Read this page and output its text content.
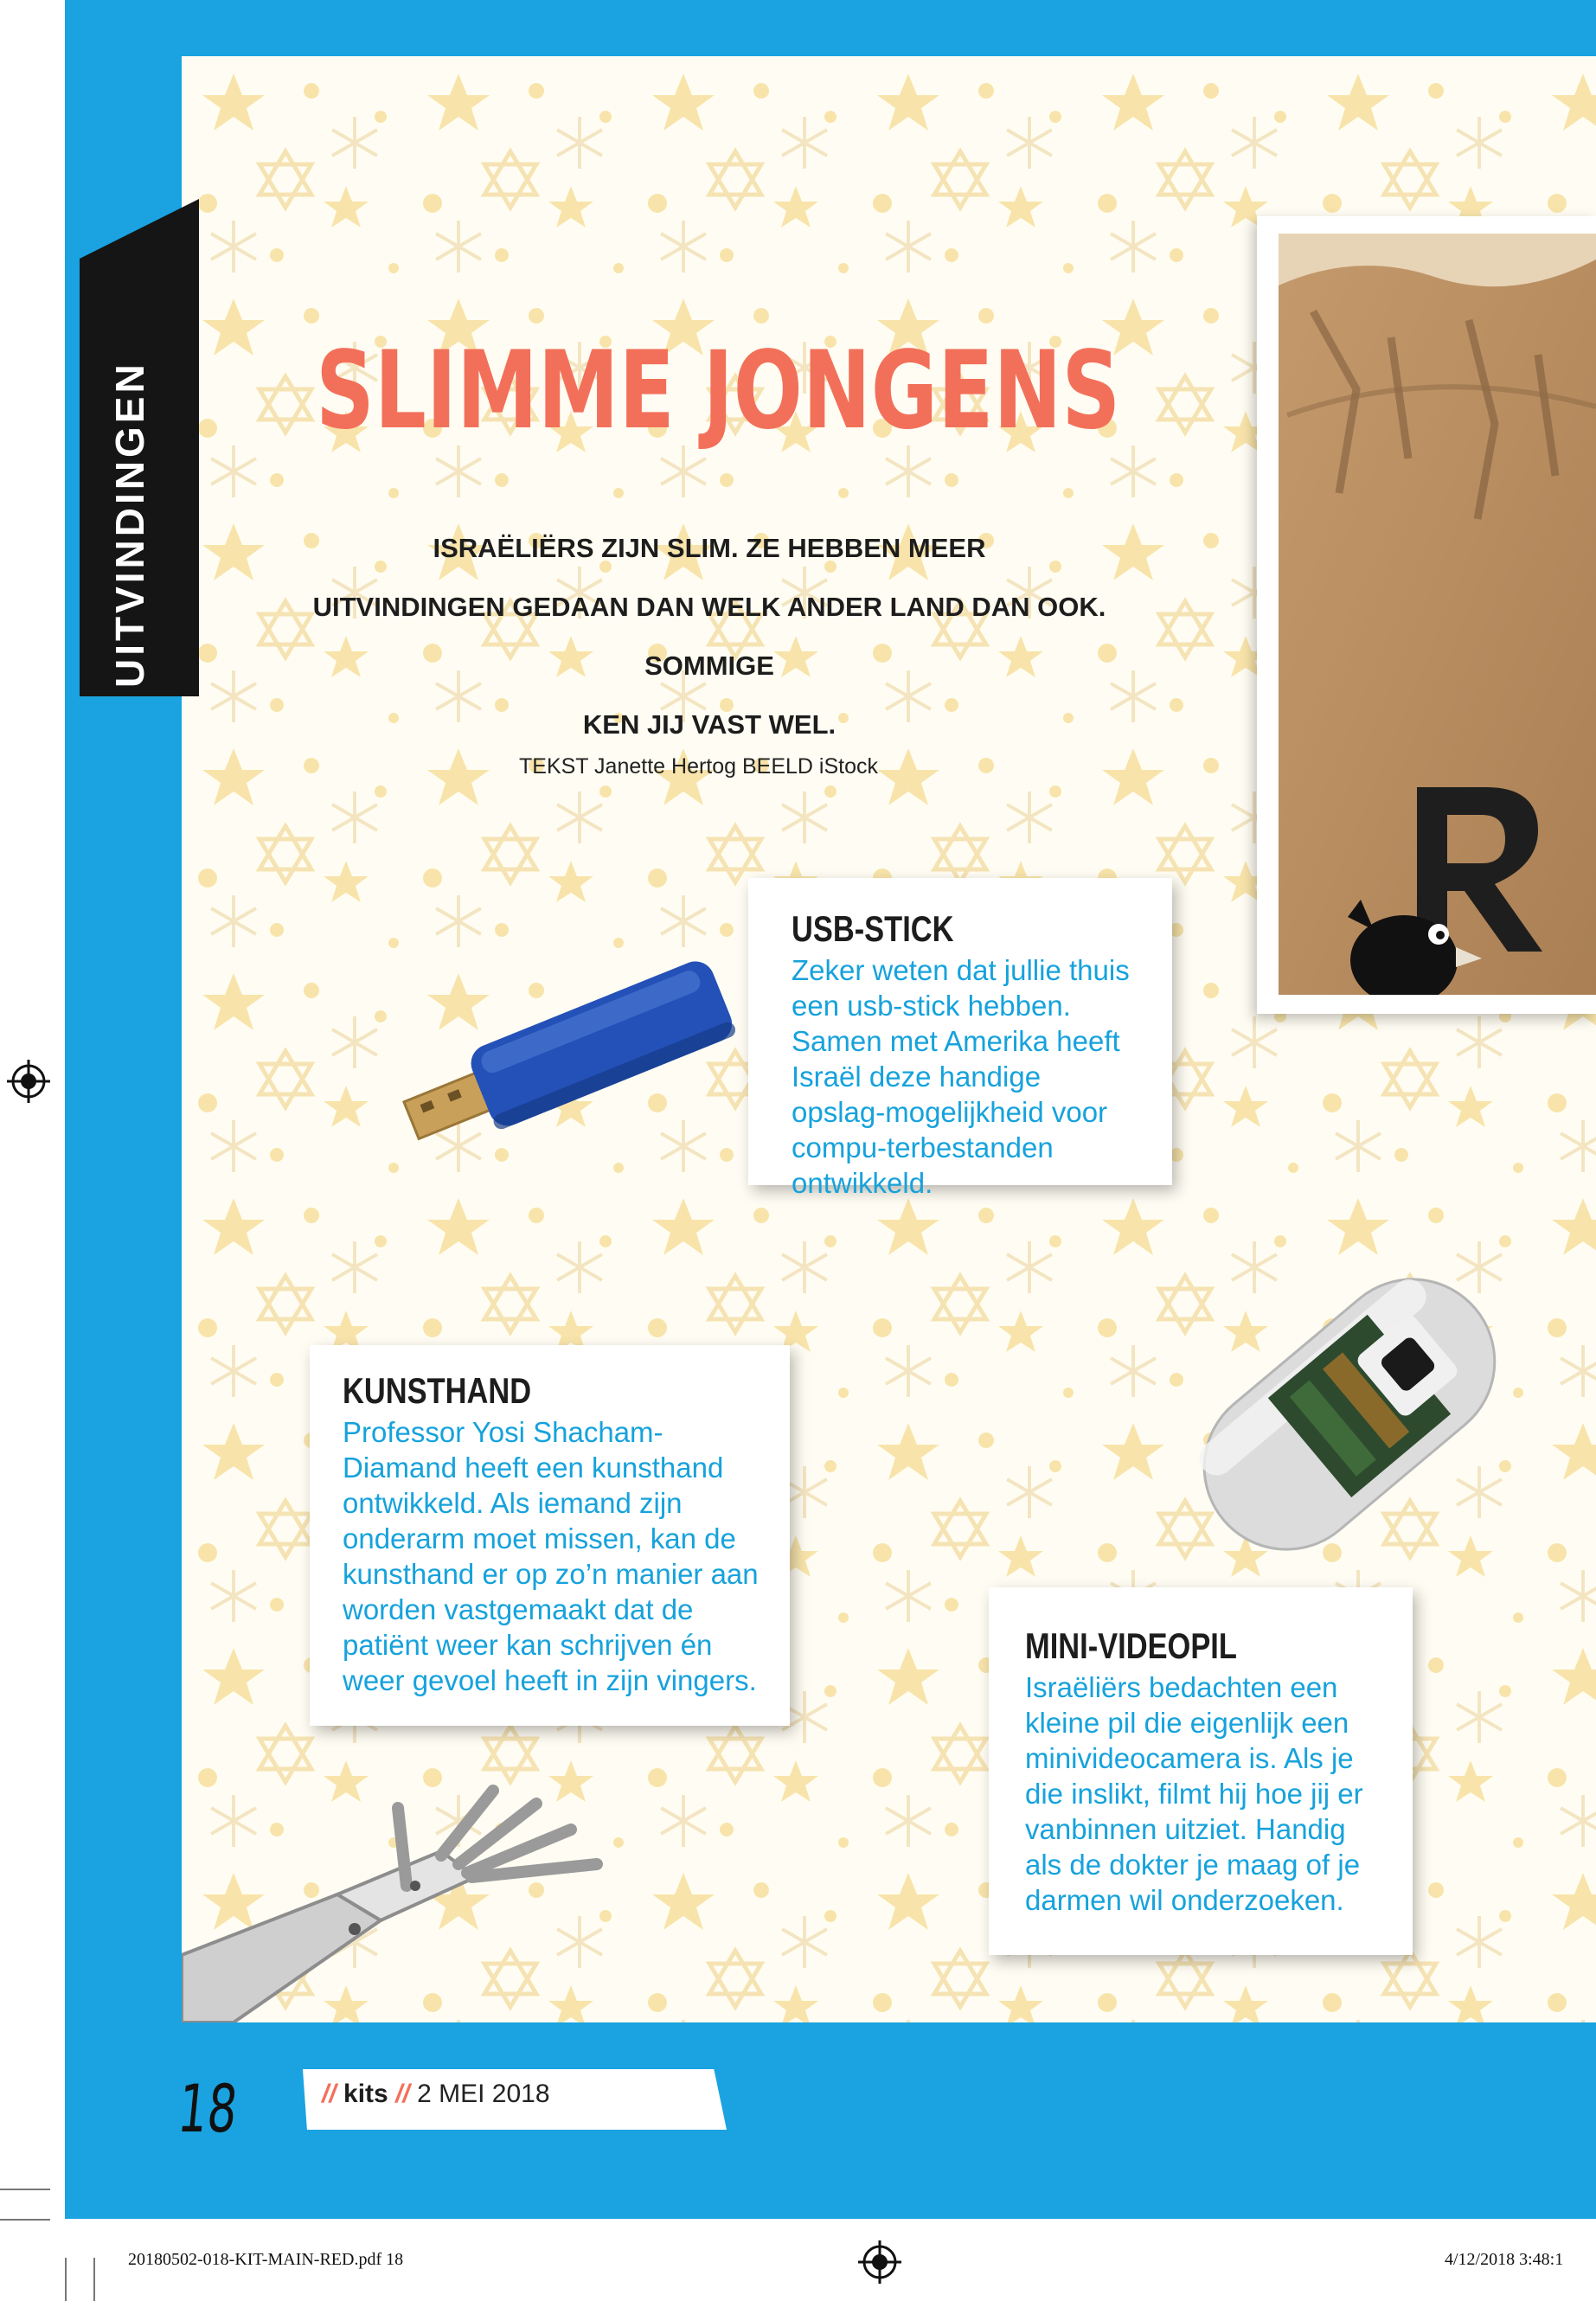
UITVINDINGEN SLIMME JONGENS
ISRAËLIËRS ZIJN SLIM. ZE HEBBEN MEER
UITVINDINGEN GEDAAN DAN WELK ANDER LAND DAN OOK. SOMMIGE
KEN JIJ VAST WEL.
TEKST Janette Hertog BEELD iStock
USB-STICK

Zeker weten dat jullie thuis een usb-stick hebben. Samen met Amerika heeft Israël deze handige opslag-mogelijkheid voor compu-terbestanden ontwikkeld.

KUNSTHAND

Professor Yosi Shacham-Diamand heeft een kunsthand ontwikkeld. Als iemand zijn onderarm moet missen, kan de kunsthand er op zo’n manier aan worden vastgemaakt dat de patiënt weer kan schrijven én weer gevoel heeft in zijn vingers.

MINI-VIDEOPIL

Israëliërs bedachten een kleine pil die eigenlijk een minivideocamera is. Als je die inslikt, filmt hij hoe jij er vanbinnen uitziet. Handig als de dokter je maag of je darmen wil onderzoeken.

18	// kits // 2 MEI 2018
20180502-018-KIT-MAIN-RED.pdf 18	4/12/2018 3:48:1
